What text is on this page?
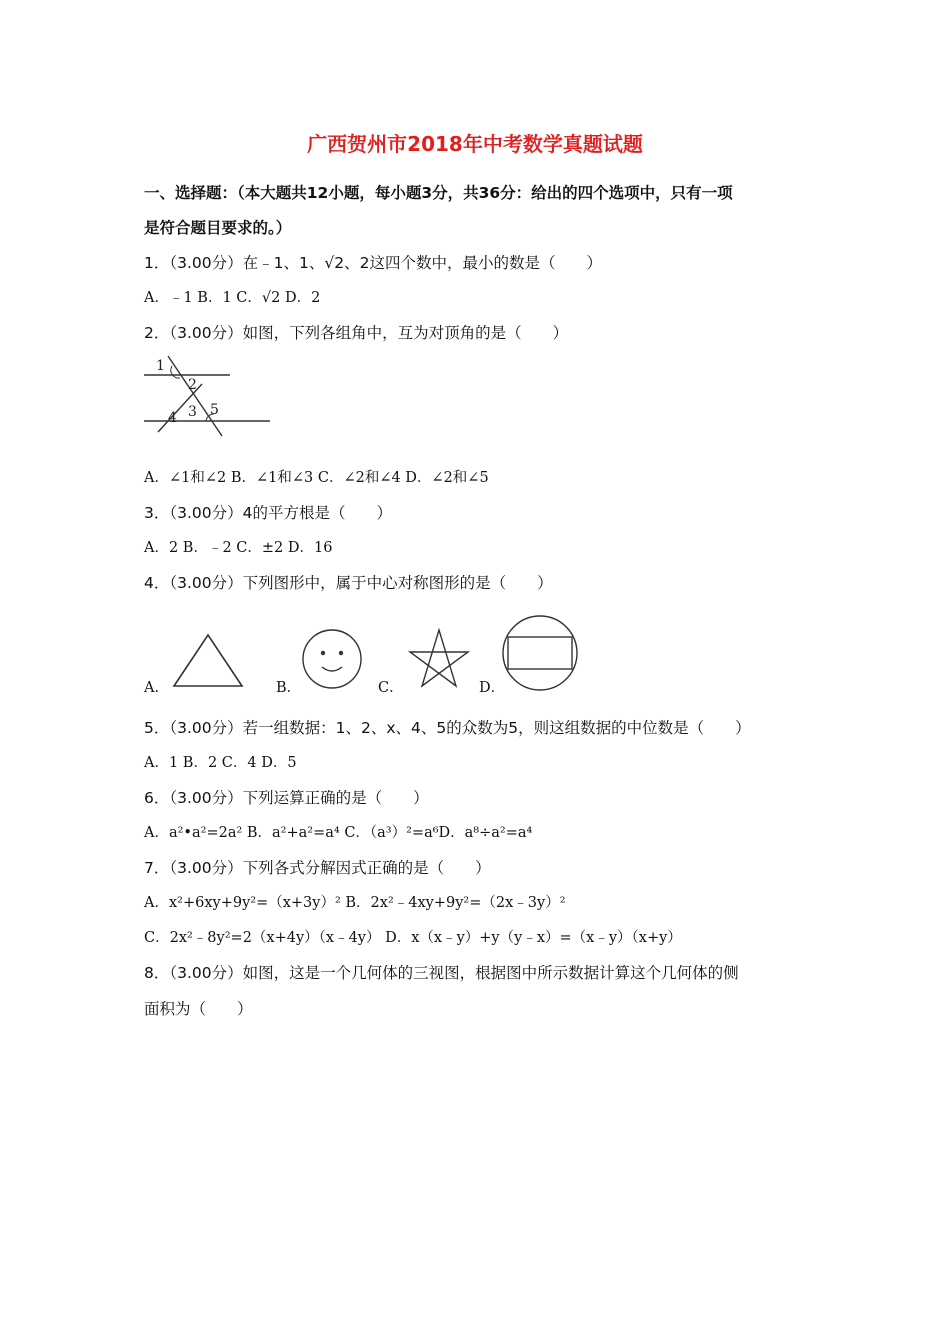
广西贺州市2018年中考数学真题试题
一、选择题：（本大题共12小题，每小题3分，共36分：给出的四个选项中，只有一项
是符合题目要求的。）
1．（3.00分）在﹣1、1、√2、2这四个数中，最小的数是（　　）
A．﹣1 B．1 C．√2 D．2
2．（3.00分）如图，下列各组角中，互为对顶角的是（　　）
1
2
3
4 5
A．∠1和∠2 B．∠1和∠3 C．∠2和∠4 D．∠2和∠5
3．（3.00分）4的平方根是（　　）
A．2 B．﹣2 C．±2 D．16
4．（3.00分）下列图形中，属于中心对称图形的是（　　）
A．	B．	C．	D．
5．（3.00分）若一组数据：1、2、x、4、5的众数为5，则这组数据的中位数是（　　）
A．1 B．2 C．4 D．5
6．（3.00分）下列运算正确的是（　　）
A．a²•a²=2a² B．a²+a²=a⁴ C．（a³）²=a⁶D．a⁸÷a²=a⁴
7．（3.00分）下列各式分解因式正确的是（　　）
A．x²+6xy+9y²=（x+3y）² B．2x²﹣4xy+9y²=（2x﹣3y）²
C．2x²﹣8y²=2（x+4y）（x﹣4y） D．x（x﹣y）+y（y﹣x）=（x﹣y）（x+y）
8．（3.00分）如图，这是一个几何体的三视图，根据图中所示数据计算这个几何体的侧
面积为（　　）
